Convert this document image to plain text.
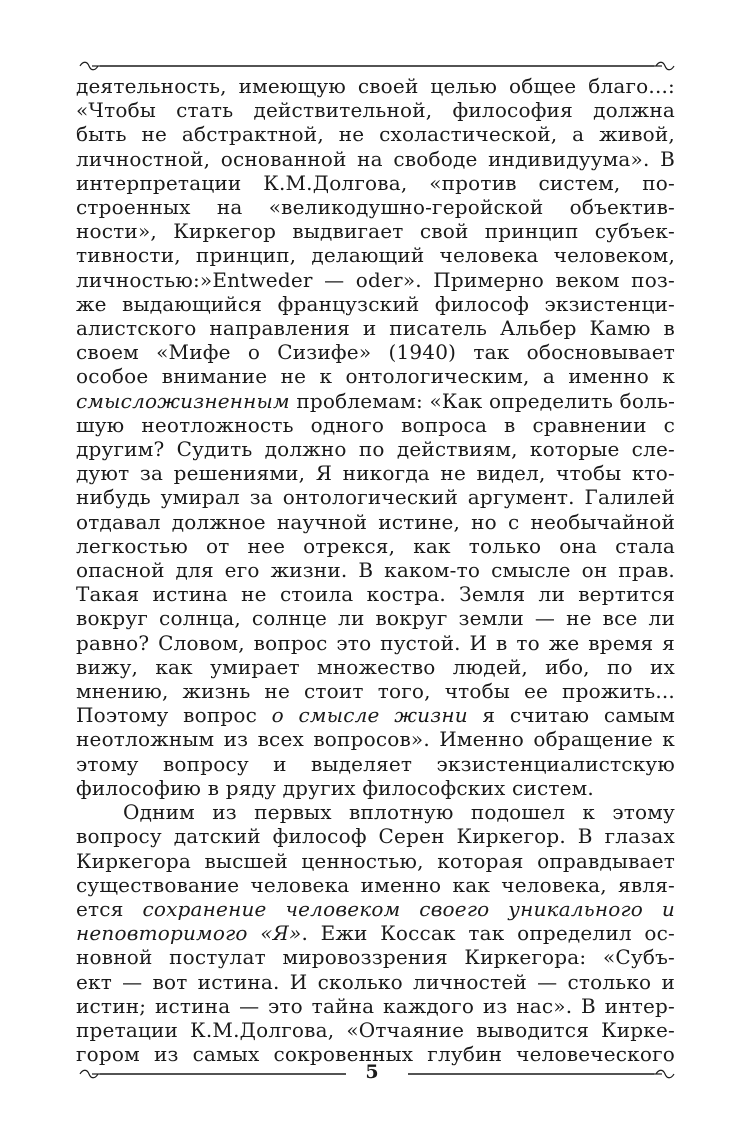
деятельность, имеющую своей целью общее благо...:

«Чтобы стать действительной, философия должна

быть не абстрактной, не схоластической, а живой,

личностной, основанной на свободе индивидуума». В

интерпретации К.М.Долгова, «против систем, по-

строенных на «великодушно-геройской объектив-

ности», Киркегор выдвигает свой принцип субъек-

тивности, принцип, делающий человека человеком,

личностью:»Entweder — oder». Примерно веком поз-

же выдающийся французский философ экзистенци-

алистского направления и писатель Альбер Камю в

своем «Мифе о Сизифе» (1940) так обосновывает

особое внимание не к онтологическим, а именно к

смысложизненным проблемам: «Как определить боль-

шую неотложность одного вопроса в сравнении с

другим? Судить должно по действиям, которые сле-

дуют за решениями, Я никогда не видел, чтобы кто-

нибудь умирал за онтологический аргумент. Галилей

отдавал должное научной истине, но с необычайной

легкостью от нее отрекся, как только она стала

опасной для его жизни. В каком-то смысле он прав.

Такая истина не стоила костра. Земля ли вертится

вокруг солнца, солнце ли вокруг земли — не все ли

равно? Словом, вопрос это пустой. И в то же время я

вижу, как умирает множество людей, ибо, по их

мнению, жизнь не стоит того, чтобы ее прожить...

Поэтому вопрос о смысле жизни я считаю самым

неотложным из всех вопросов». Именно обращение к

этому вопросу и выделяет экзистенциалистскую

философию в ряду других философских систем.

Одним из первых вплотную подошел к этому

вопросу датский философ Серен Киркегор. В глазах

Киркегора высшей ценностью, которая оправдывает

существование человека именно как человека, явля-

ется сохранение человеком своего уникального и

неповторимого «Я». Ежи Коссак так определил ос-

новной постулат мировоззрения Киркегора: «Субъ-

ект — вот истина. И сколько личностей — столько и

истин; истина — это тайна каждого из нас». В интер-

претации К.М.Долгова, «Отчаяние выводится Кирке-

гором из самых сокровенных глубин человеческого

5
